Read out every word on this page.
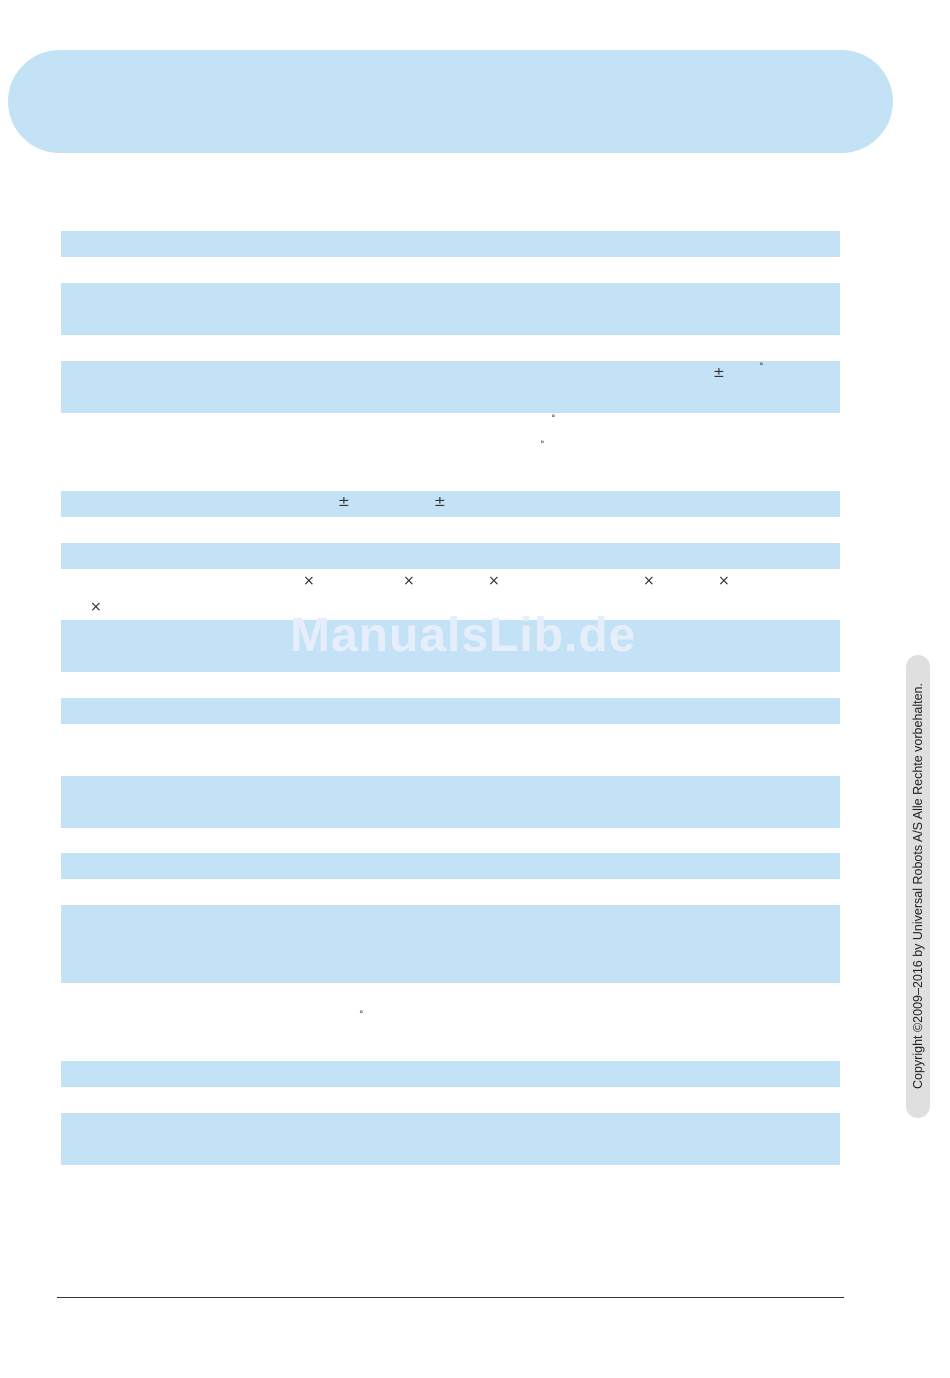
±	°
°
°
±	±
×	×	×	×	×
×
°
ManualsLib.de
Copyright ©2009–2016 by Universal Robots A/S Alle Rechte vorbehalten.
